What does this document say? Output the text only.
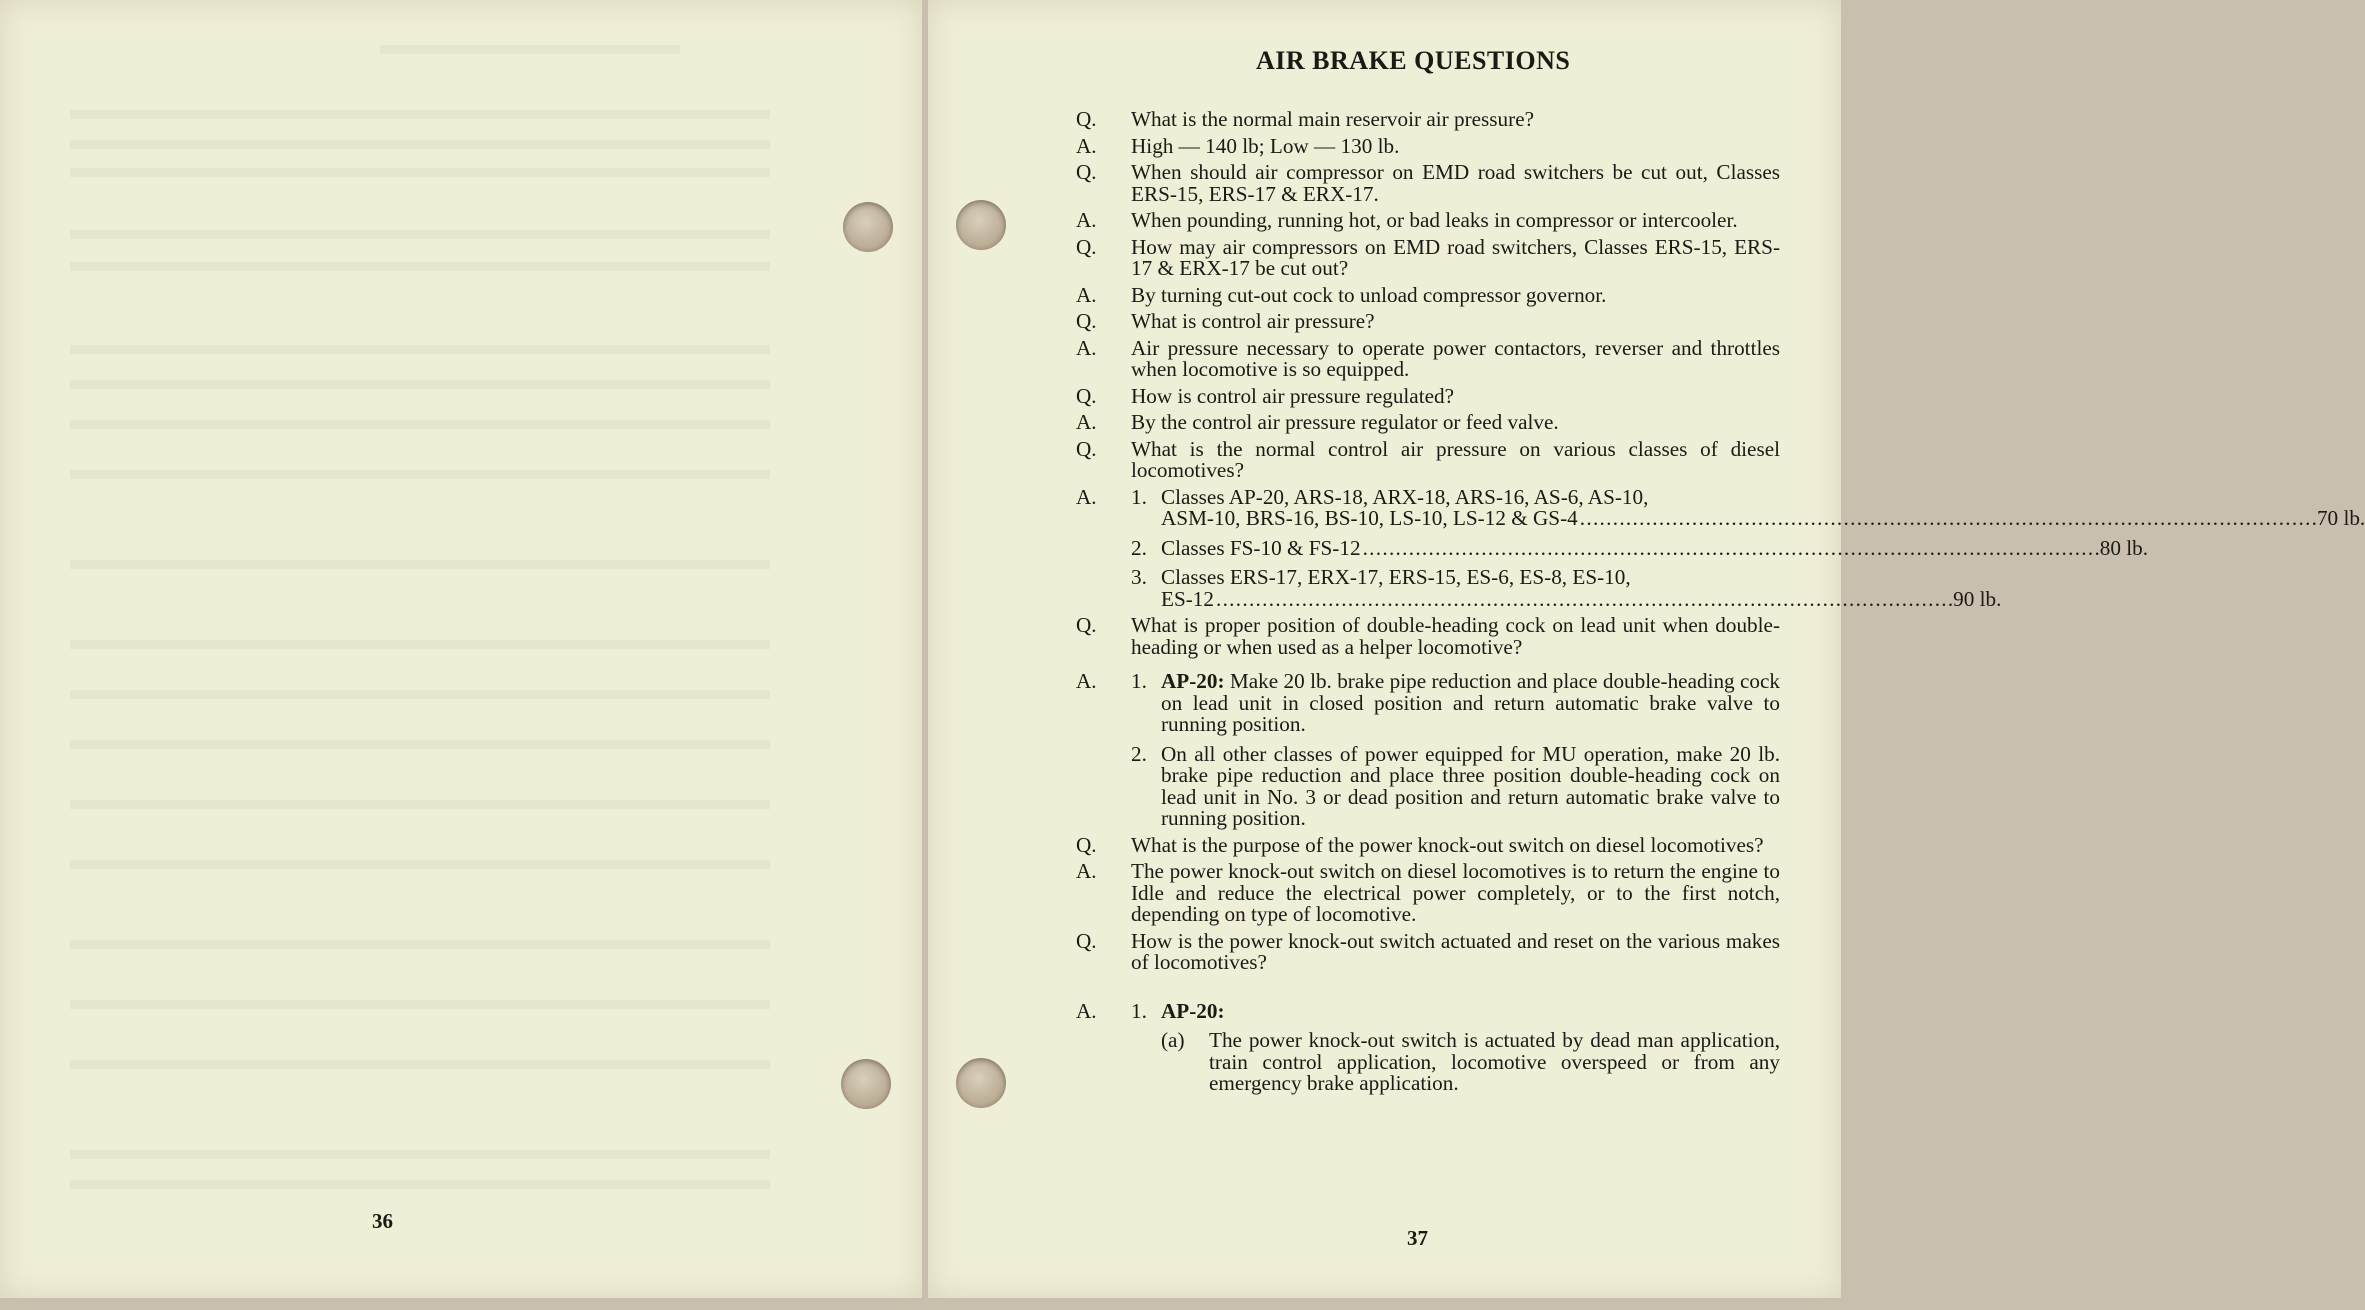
36
AIR BRAKE QUESTIONS
Q.	What is the normal main reservoir air pressure?
A.	High — 140 lb; Low — 130 lb.
Q.	When should air compressor on EMD road switchers be cut out, Classes ERS-15, ERS-17 & ERX-17.
A.	When pounding, running hot, or bad leaks in compressor or intercooler.
Q.	How may air compressors on EMD road switchers, Classes ERS-15, ERS-17 & ERX-17 be cut out?
A.	By turning cut-out cock to unload compressor governor.
Q.	What is control air pressure?
A.	Air pressure necessary to operate power contactors, reverser and throttles when locomotive is so equipped.
Q.	How is control air pressure regulated?
A.	By the control air pressure regulator or feed valve.
Q.	What is the normal control air pressure on various classes of diesel locomotives?
A.	1. Classes AP-20, ARS-18, ARX-18, ARS-16, AS-6, AS-10,
ASM-10, BRS-16, BS-10, LS-10, LS-12 & GS-4 . . .	70 lb.
2. Classes FS-10 & FS-12 . . .	80 lb.
3. Classes ERS-17, ERX-17, ERS-15, ES-6, ES-8, ES-10,
ES-12 . . .	90 lb.
Q.	What is proper position of double-heading cock on lead unit when double-heading or when used as a helper locomotive?
A.	1. AP-20: Make 20 lb. brake pipe reduction and place double-heading cock on lead unit in closed position and return automatic brake valve to running position.
2. On all other classes of power equipped for MU operation, make 20 lb. brake pipe reduction and place three position double-heading cock on lead unit in No. 3 or dead position and return automatic brake valve to running position.
Q.	What is the purpose of the power knock-out switch on diesel locomotives?
A.	The power knock-out switch on diesel locomotives is to return the engine to Idle and reduce the electrical power completely, or to the first notch, depending on type of locomotive.
Q.	How is the power knock-out switch actuated and reset on the various makes of locomotives?
A.	1. AP-20:
(a)	The power knock-out switch is actuated by dead man application, train control application, locomotive overspeed or from any emergency brake application.
37
